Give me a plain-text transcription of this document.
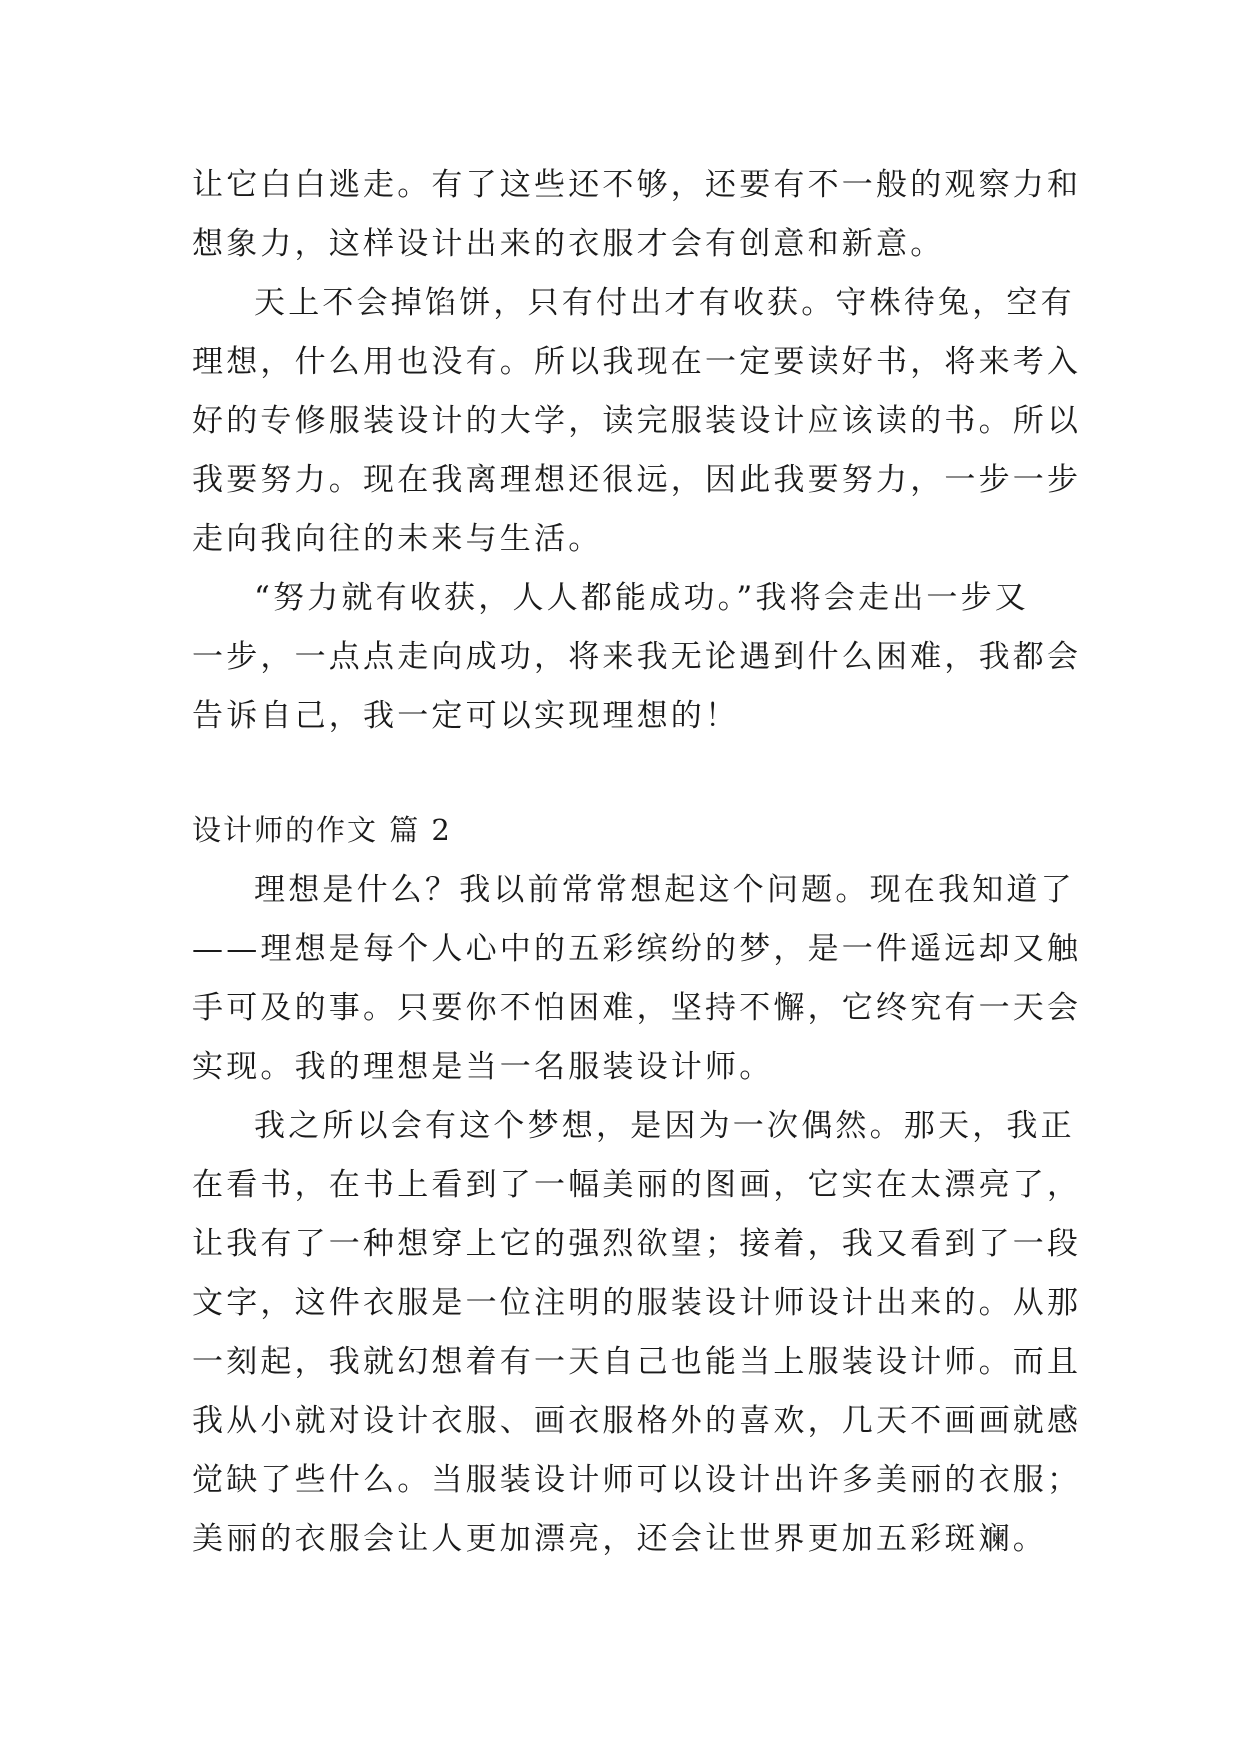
让它白白逃走。有了这些还不够，还要有不一般的观察力和

想象力，这样设计出来的衣服才会有创意和新意。

天上不会掉馅饼，只有付出才有收获。守株待兔，空有

理想，什么用也没有。所以我现在一定要读好书，将来考入

好的专修服装设计的大学，读完服装设计应该读的书。所以

我要努力。现在我离理想还很远，因此我要努力，一步一步

走向我向往的未来与生活。

“努力就有收获，人人都能成功。”我将会走出一步又

一步，一点点走向成功，将来我无论遇到什么困难，我都会

告诉自己，我一定可以实现理想的！

设计师的作文 篇 2

理想是什么？我以前常常想起这个问题。现在我知道了

——理想是每个人心中的五彩缤纷的梦，是一件遥远却又触

手可及的事。只要你不怕困难，坚持不懈，它终究有一天会

实现。我的理想是当一名服装设计师。

我之所以会有这个梦想，是因为一次偶然。那天，我正

在看书，在书上看到了一幅美丽的图画，它实在太漂亮了，

让我有了一种想穿上它的强烈欲望；接着，我又看到了一段

文字，这件衣服是一位注明的服装设计师设计出来的。从那

一刻起，我就幻想着有一天自己也能当上服装设计师。而且

我从小就对设计衣服、画衣服格外的喜欢，几天不画画就感

觉缺了些什么。当服装设计师可以设计出许多美丽的衣服；

美丽的衣服会让人更加漂亮，还会让世界更加五彩斑斓。
